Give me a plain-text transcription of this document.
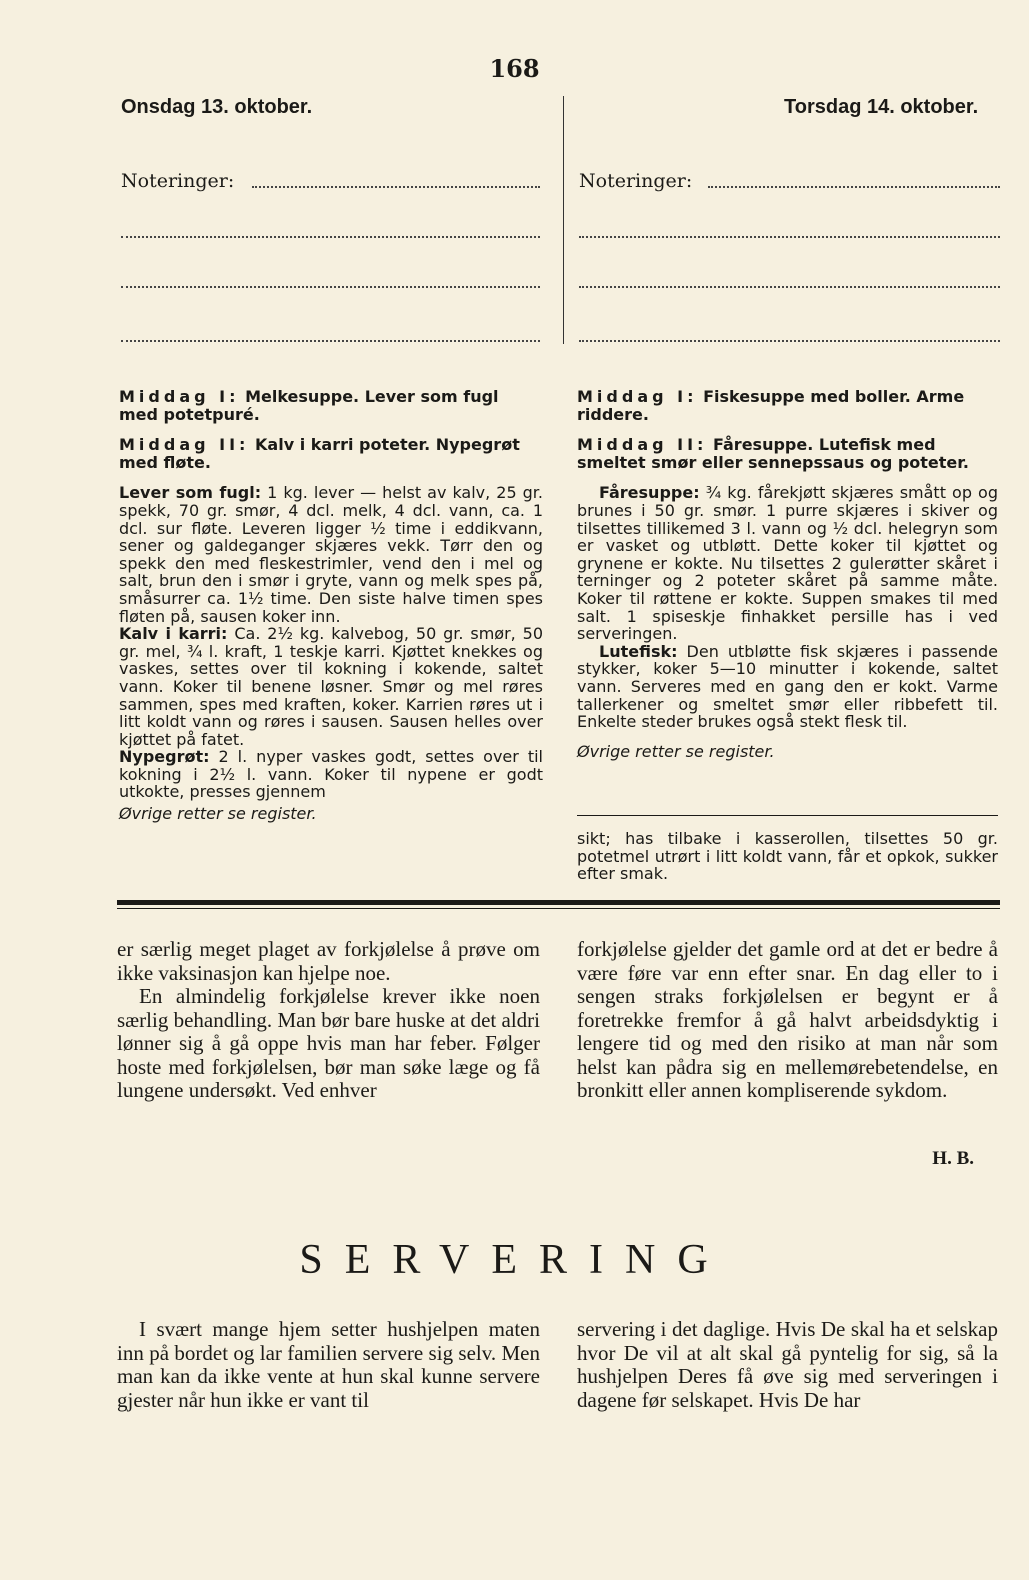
168
Onsdag 13. oktober.	Torsdag 14. oktober.
Noteringer:	Noteringer:

Middag I: Melkesuppe. Lever som fugl med potetpuré.

Middag II: Kalv i karri poteter. Nypegrøt med fløte.

Lever som fugl: 1 kg. lever — helst av kalv, 25 gr. spekk, 70 gr. smør, 4 dcl. melk, 4 dcl. vann, ca. 1 dcl. sur fløte. Leveren ligger ½ time i eddikvann, sener og galdeganger skjæres vekk. Tørr den og spekk den med fleskestrimler, vend den i mel og salt, brun den i smør i gryte, vann og melk spes på, småsurrer ca. 1½ time. Den siste halve timen spes fløten på, sausen koker inn.

Kalv i karri: Ca. 2½ kg. kalvebog, 50 gr. smør, 50 gr. mel, ¾ l. kraft, 1 teskje karri. Kjøttet knekkes og vaskes, settes over til kokning i kokende, saltet vann. Koker til benene løsner. Smør og mel røres sammen, spes med kraften, koker. Karrien røres ut i litt koldt vann og røres i sausen. Sausen helles over kjøttet på fatet.

Nypegrøt: 2 l. nyper vaskes godt, settes over til kokning i 2½ l. vann. Koker til nypene er godt utkokte, presses gjennem

Øvrige retter se register.

Middag I: Fiskesuppe med boller. Arme riddere.

Middag II: Fåresuppe. Lutefisk med smeltet smør eller sennepssaus og poteter.

Fåresuppe: ¾ kg. fårekjøtt skjæres smått op og brunes i 50 gr. smør. 1 purre skjæres i skiver og tilsettes tillikemed 3 l. vann og ½ dcl. helegryn som er vasket og utbløtt. Dette koker til kjøttet og grynene er kokte. Nu tilsettes 2 gulerøtter skåret i terninger og 2 poteter skåret på samme måte. Koker til røttene er kokte. Suppen smakes til med salt. 1 spiseskje finhakket persille has i ved serveringen.

Lutefisk: Den utbløtte fisk skjæres i passende stykker, koker 5—10 minutter i kokende, saltet vann. Serveres med en gang den er kokt. Varme tallerkener og smeltet smør eller ribbefett til. Enkelte steder brukes også stekt flesk til.

Øvrige retter se register.

sikt; has tilbake i kasserollen, tilsettes 50 gr. potetmel utrørt i litt koldt vann, får et opkok, sukker efter smak.

er særlig meget plaget av forkjølelse å prøve om ikke vaksinasjon kan hjelpe noe.

En almindelig forkjølelse krever ikke noen særlig behandling. Man bør bare huske at det aldri lønner sig å gå oppe hvis man har feber. Følger hoste med forkjølelsen, bør man søke læge og få lungene undersøkt. Ved enhver

forkjølelse gjelder det gamle ord at det er bedre å være føre var enn efter snar. En dag eller to i sengen straks forkjølelsen er begynt er å foretrekke fremfor å gå halvt arbeidsdyktig i lengere tid og med den risiko at man når som helst kan pådra sig en mellemørebetendelse, en bronkitt eller annen kompliserende sykdom.

H. B.
SERVERING

I svært mange hjem setter hushjelpen maten inn på bordet og lar familien servere sig selv. Men man kan da ikke vente at hun skal kunne servere gjester når hun ikke er vant til

servering i det daglige. Hvis De skal ha et selskap hvor De vil at alt skal gå pyntelig for sig, så la hushjelpen Deres få øve sig med serveringen i dagene før selskapet. Hvis De har
